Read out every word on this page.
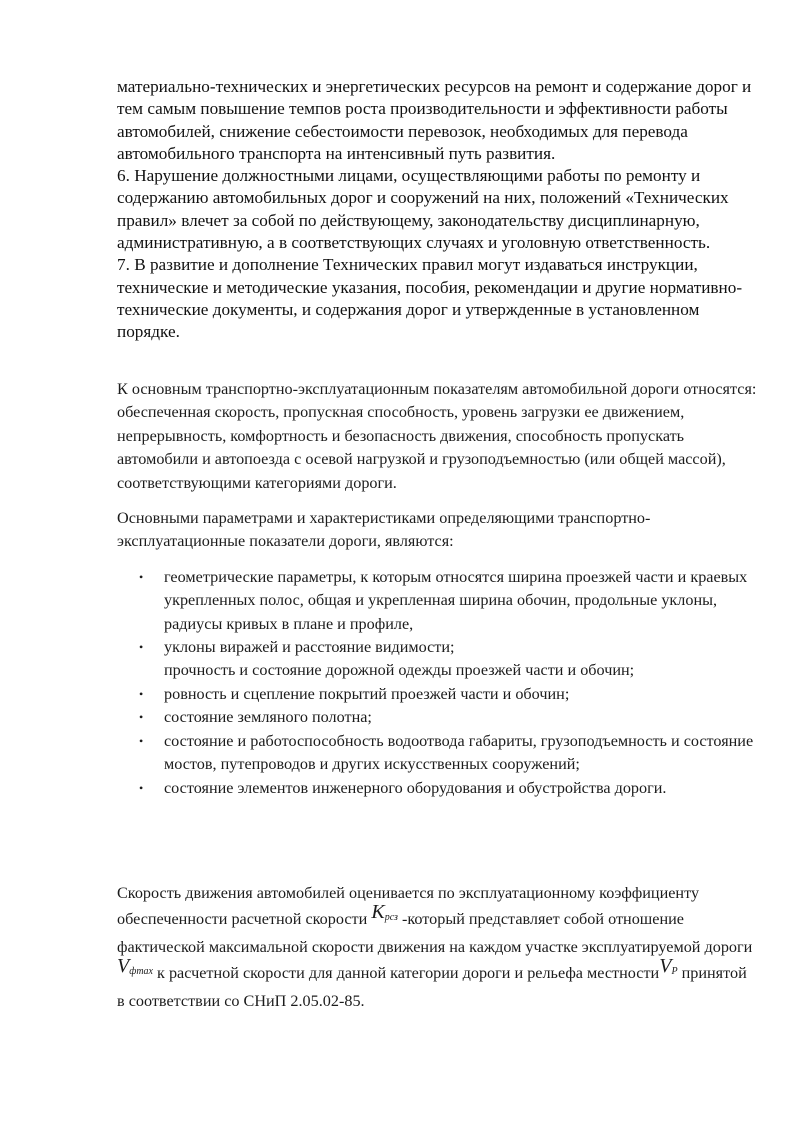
материально-технических и энергетических ресурсов на ремонт и содержание дорог и тем самым повышение темпов роста производительности и эффективности работы автомобилей, снижение себестоимости перевозок, необходимых для перевода автомобильного транспорта на интенсивный путь развития.

6. Нарушение должностными лицами, осуществляющими работы по ремонту и содержанию автомобильных дорог и сооружений на них, положений «Технических правил» влечет за собой по действующему, законодательству дисциплинарную, административную, а в соответствующих случаях и уголовную ответственность.

7. В развитие и дополнение Технических правил могут издаваться инструкции, технические и методические указания, пособия, рекомендации и другие нормативно-технические документы, и содержания дорог и утвержденные в установленном порядке.

К основным транспортно-эксплуатационным показателям автомобильной дороги относятся: обеспеченная скорость, пропускная способность, уровень загрузки ее движением, непрерывность, комфортность и безопасность движения, способность пропускать автомобили и автопоезда с осевой нагрузкой и грузоподъемностью (или общей массой), соответствующими категориями дороги.

Основными параметрами и характеристиками определяющими транспортно-эксплуатационные показатели дороги, являются:

• геометрические параметры, к которым относятся ширина проезжей части и краевых укрепленных полос, общая и укрепленная ширина обочин, продольные уклоны, радиусы кривых в плане и профиле,
• уклоны виражей и расстояние видимости;
прочность и состояние дорожной одежды проезжей части и обочин;
• ровность и сцепление покрытий проезжей части и обочин;
• состояние земляного полотна;
• состояние и работоспособность водоотвода габариты, грузоподъемность и состояние мостов, путепроводов и других искусственных сооружений;
• состояние элементов инженерного оборудования и обустройства дороги.
Скорость движения автомобилей оценивается по эксплуатационному коэффициенту обеспеченности расчетной скорости $K^{рсз}$ -который представляет собой отношение фактической максимальной скорости движения на каждом участке эксплуатируемой дорогиV$^{фmax}$ к расчетной скорости для данной категории дороги и рельефа местностиV$^P$ принятой в соответствии со СНиП 2.05.02-85.
